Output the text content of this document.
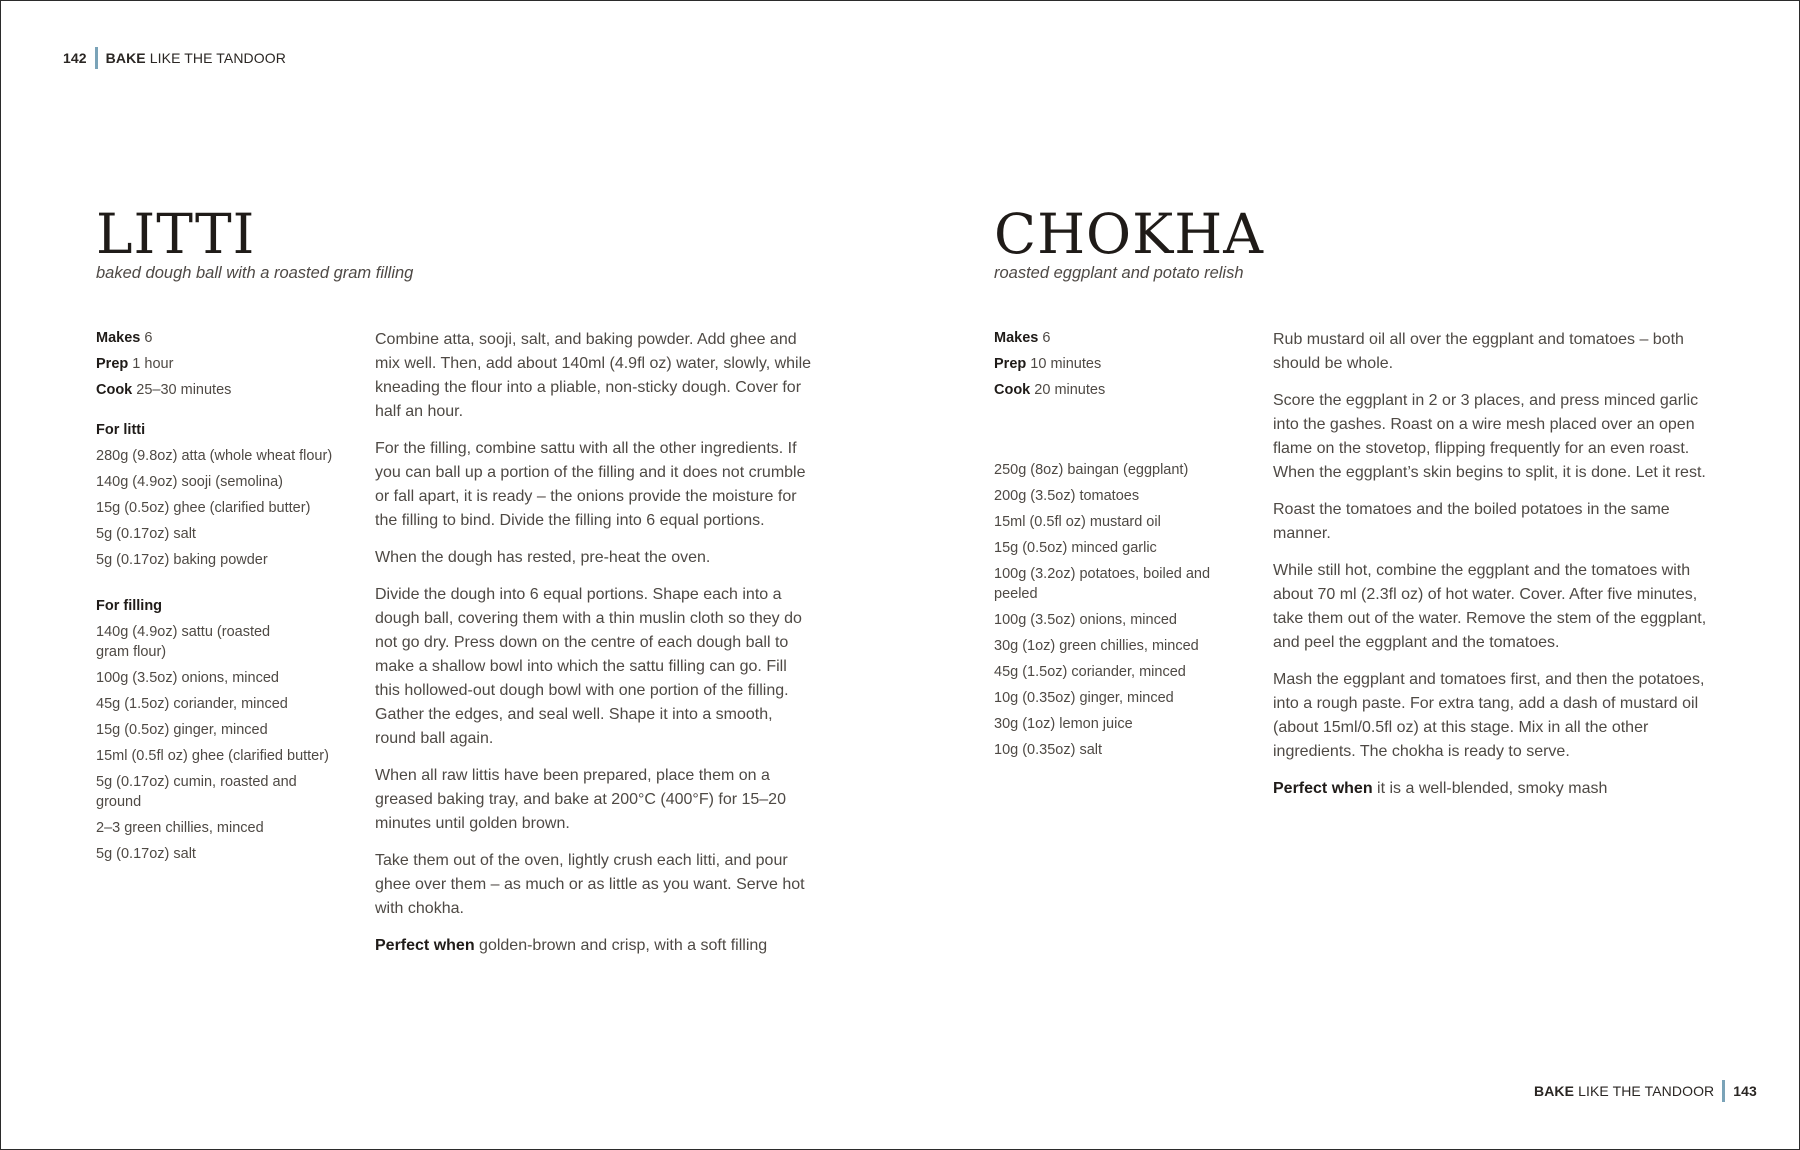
142 BAKE LIKE THE TANDOOR
BAKE LIKE THE TANDOOR 143
LITTI

baked dough ball with a roasted gram filling

Makes 6
Prep 1 hour
Cook 25–30 minutes
For litti
280g (9.8oz) atta (whole wheat flour)
140g (4.9oz) sooji (semolina)
15g (0.5oz) ghee (clarified butter)
5g (0.17oz) salt
5g (0.17oz) baking powder
For filling
140g (4.9oz) sattu (roasted gram flour)
100g (3.5oz) onions, minced
45g (1.5oz) coriander, minced
15g (0.5oz) ginger, minced
15ml (0.5fl oz) ghee (clarified butter)
5g (0.17oz) cumin, roasted and ground
2–3 green chillies, minced
5g (0.17oz) salt

Combine atta, sooji, salt, and baking powder. Add ghee and mix well. Then, add about 140ml (4.9fl oz) water, slowly, while kneading the flour into a pliable, non-sticky dough. Cover for half an hour.

For the filling, combine sattu with all the other ingredients. If you can ball up a portion of the filling and it does not crumble or fall apart, it is ready – the onions provide the moisture for the filling to bind. Divide the filling into 6 equal portions.

When the dough has rested, pre-heat the oven.

Divide the dough into 6 equal portions. Shape each into a dough ball, covering them with a thin muslin cloth so they do not go dry. Press down on the centre of each dough ball to make a shallow bowl into which the sattu filling can go. Fill this hollowed-out dough bowl with one portion of the filling. Gather the edges, and seal well. Shape it into a smooth, round ball again.

When all raw littis have been prepared, place them on a greased baking tray, and bake at 200°C (400°F) for 15–20 minutes until golden brown.

Take them out of the oven, lightly crush each litti, and pour ghee over them – as much or as little as you want. Serve hot with chokha.

Perfect when golden-brown and crisp, with a soft filling

CHOKHA

roasted eggplant and potato relish

Makes 6
Prep 10 minutes
Cook 20 minutes
250g (8oz) baingan (eggplant)
200g (3.5oz) tomatoes
15ml (0.5fl oz) mustard oil
15g (0.5oz) minced garlic
100g (3.2oz) potatoes, boiled and peeled
100g (3.5oz) onions, minced
30g (1oz) green chillies, minced
45g (1.5oz) coriander, minced
10g (0.35oz) ginger, minced
30g (1oz) lemon juice
10g (0.35oz) salt

Rub mustard oil all over the eggplant and tomatoes – both should be whole.

Score the eggplant in 2 or 3 places, and press minced garlic into the gashes. Roast on a wire mesh placed over an open flame on the stovetop, flipping frequently for an even roast. When the eggplant’s skin begins to split, it is done. Let it rest.

Roast the tomatoes and the boiled potatoes in the same manner.

While still hot, combine the eggplant and the tomatoes with about 70 ml (2.3fl oz) of hot water. Cover. After five minutes, take them out of the water. Remove the stem of the eggplant, and peel the eggplant and the tomatoes.

Mash the eggplant and tomatoes first, and then the potatoes, into a rough paste. For extra tang, add a dash of mustard oil (about 15ml/0.5fl oz) at this stage. Mix in all the other ingredients. The chokha is ready to serve.

Perfect when it is a well-blended, smoky mash
